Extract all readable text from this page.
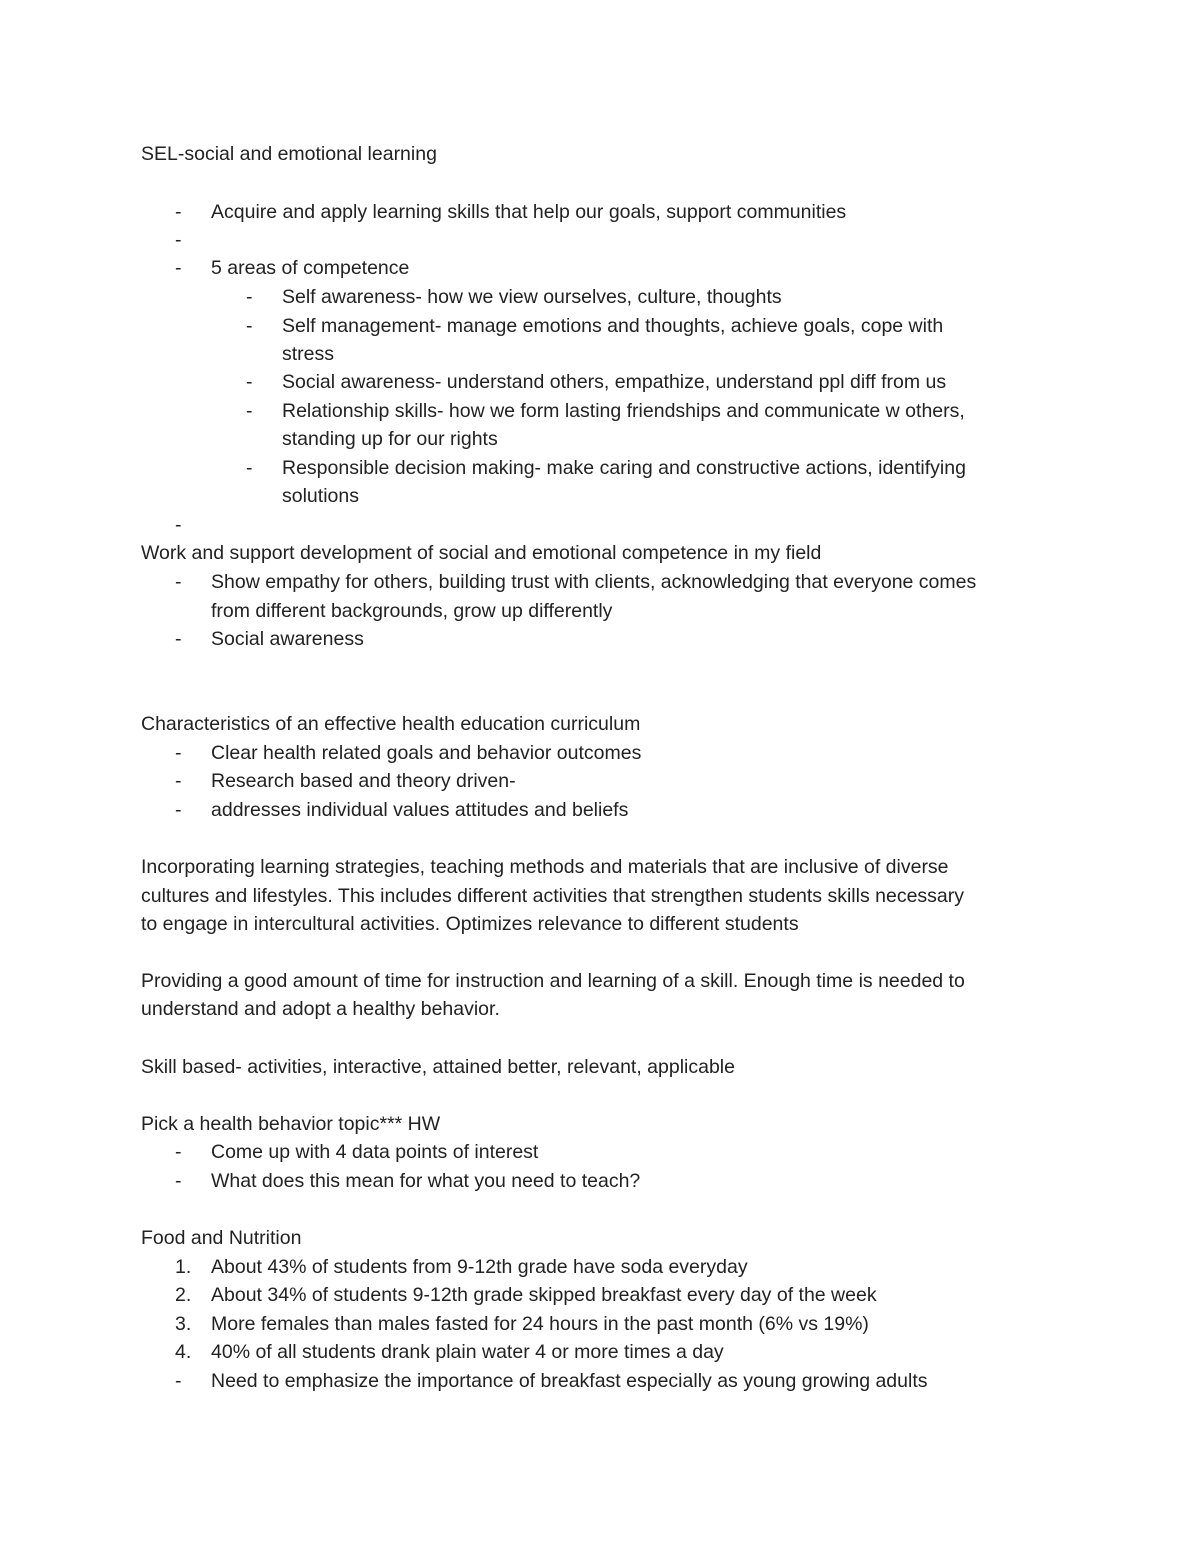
SEL-social and emotional learning
- Acquire and apply learning skills that help our goals, support communities
-
- 5 areas of competence
- Self awareness- how we view ourselves, culture, thoughts
- Self management- manage emotions and thoughts, achieve goals, cope with
stress
- Social awareness- understand others, empathize, understand ppl diff from us
- Relationship skills- how we form lasting friendships and communicate w others,
standing up for our rights
- Responsible decision making- make caring and constructive actions, identifying
solutions
-
Work and support development of social and emotional competence in my field
- Show empathy for others, building trust with clients, acknowledging that everyone comes
from different backgrounds, grow up differently
- Social awareness
Characteristics of an effective health education curriculum
- Clear health related goals and behavior outcomes
- Research based and theory driven-
- addresses individual values attitudes and beliefs
Incorporating learning strategies, teaching methods and materials that are inclusive of diverse
cultures and lifestyles. This includes different activities that strengthen students skills necessary
to engage in intercultural activities. Optimizes relevance to different students
Providing a good amount of time for instruction and learning of a skill. Enough time is needed to
understand and adopt a healthy behavior.
Skill based- activities, interactive, attained better, relevant, applicable
Pick a health behavior topic*** HW
- Come up with 4 data points of interest
- What does this mean for what you need to teach?
Food and Nutrition
1. About 43% of students from 9-12th grade have soda everyday
2. About 34% of students 9-12th grade skipped breakfast every day of the week
3. More females than males fasted for 24 hours in the past month (6% vs 19%)
4. 40% of all students drank plain water 4 or more times a day
- Need to emphasize the importance of breakfast especially as young growing adults
